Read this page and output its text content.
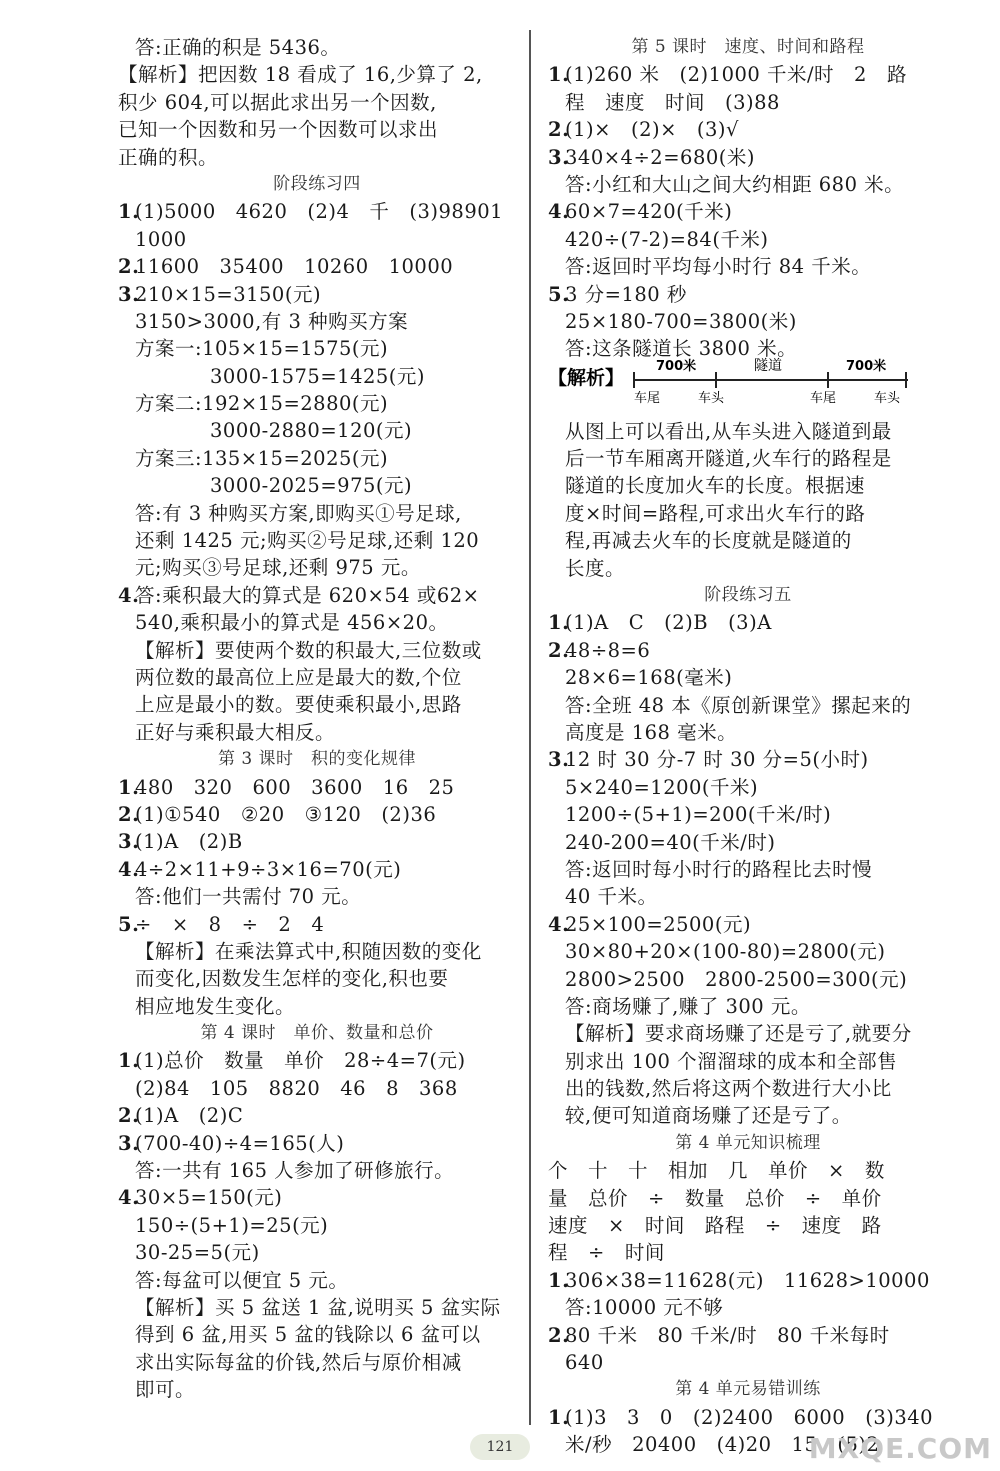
答:正确的积是 5436。
【解析】把因数 18 看成了 16,少算了 2,
积少 604,可以据此求出另一个因数,
已知一个因数和另一个因数可以求出
正确的积。
阶段练习四
1.(1)5000　4620　(2)4　千　(3)98901
1000
2.11600　35400　10260　10000
3.210×15=3150(元)
3150>3000,有 3 种购买方案
方案一:105×15=1575(元)
3000-1575=1425(元)
方案二:192×15=2880(元)
3000-2880=120(元)
方案三:135×15=2025(元)
3000-2025=975(元)
答:有 3 种购买方案,即购买①号足球,
还剩 1425 元;购买②号足球,还剩 120
元;购买③号足球,还剩 975 元。
4.答:乘积最大的算式是 620×54 或62×
540,乘积最小的算式是 456×20。
【解析】要使两个数的积最大,三位数或
两位数的最高位上应是最大的数,个位
上应是最小的数。要使乘积最小,思路
正好与乘积最大相反。
第 3 课时　积的变化规律
1.480　320　600　3600　16　25
2.(1)①540　②20　③120　(2)36
3.(1)A　(2)B
4.4÷2×11+9÷3×16=70(元)
答:他们一共需付 70 元。
5.÷　×　8　÷　2　4
【解析】在乘法算式中,积随因数的变化
而变化,因数发生怎样的变化,积也要
相应地发生变化。
第 4 课时　单价、数量和总价
1.(1)总价　数量　单价　28÷4=7(元)
(2)84　105　8820　46　8　368
2.(1)A　(2)C
3.(700-40)÷4=165(人)
答:一共有 165 人参加了研修旅行。
4.30×5=150(元)
150÷(5+1)=25(元)
30-25=5(元)
答:每盆可以便宜 5 元。
【解析】买 5 盆送 1 盆,说明买 5 盆实际
得到 6 盆,用买 5 盆的钱除以 6 盆可以
求出实际每盆的价钱,然后与原价相减
即可。
第 5 课时　速度、时间和路程
1.(1)260 米　(2)1000 千米/时　2　路
程　速度　时间　(3)88
2.(1)×　(2)×　(3)√
3.340×4÷2=680(米)
答:小红和大山之间大约相距 680 米。
4.60×7=420(千米)
420÷(7-2)=84(千米)
答:返回时平均每小时行 84 千米。
5.3 分=180 秒
25×180-700=3800(米)
答:这条隧道长 3800 米。
从图上可以看出,从车头进入隧道到最
后一节车厢离开隧道,火车行的路程是
隧道的长度加火车的长度。根据速
度×时间=路程,可求出火车行的路
程,再减去火车的长度就是隧道的
长度。
阶段练习五
1.(1)A　C　(2)B　(3)A
2.48÷8=6
28×6=168(毫米)
答:全班 48 本《原创新课堂》摞起来的
高度是 168 毫米。
3.12 时 30 分-7 时 30 分=5(小时)
5×240=1200(千米)
1200÷(5+1)=200(千米/时)
240-200=40(千米/时)
答:返回时每小时行的路程比去时慢
40 千米。
4.25×100=2500(元)
30×80+20×(100-80)=2800(元)
2800>2500　2800-2500=300(元)
答:商场赚了,赚了 300 元。
【解析】要求商场赚了还是亏了,就要分
别求出 100 个溜溜球的成本和全部售
出的钱数,然后将这两个数进行大小比
较,便可知道商场赚了还是亏了。
第 4 单元知识梳理
个　十　十　相加　几　单价　×　数
量　总价　÷　数量　总价　÷　单价
速度　×　时间　路程　÷　速度　路
程　÷　时间
1.306×38=11628(元)　11628>10000
答:10000 元不够
2.80 千米　80 千米/时　80 千米每时
640
第 4 单元易错训练
1.(1)3　3　0　(2)2400　6000　(3)340
米/秒　20400　(4)20　15　(5)2
【解析】
700米	隧道	700米
车尾	车头	车尾	车头
121	MXQE.COM
